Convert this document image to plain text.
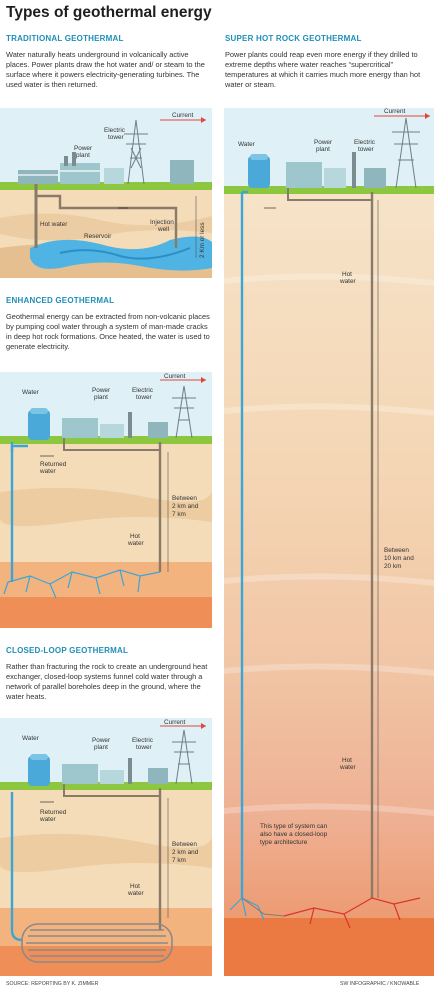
Types of geothermal energy
TRADITIONAL GEOTHERMAL
Water naturally heats underground in volcanically active places. Power plants draw the hot water and/ or steam to the surface where it powers electricity-generating turbines. The used water is then returned.
Current
Electric tower
Power plant
Hot water
Reservoir
Injection well	2 Km or less
ENHANCED GEOTHERMAL
Geothermal energy can be extracted from non-volcanic places by pumping cool water through a system of man-made cracks in deep hot rock formations. Once heated, the water is used to generate electricity.
Current
Water	Power plant
Electric tower
Returned water
Hot water
Between 2 km and 7 km
CLOSED-LOOP GEOTHERMAL
Rather than fracturing the rock to create an underground heat exchanger, closed-loop systems funnel cold water through a network of parallel boreholes deep in the ground, where the water heats.
Current
Water	Power plant
Electric tower
Returned water
Hot water
Between 2 km and 7 km
SUPER HOT ROCK GEOTHERMAL
Power plants could reap even more energy if they drilled to extreme depths where water reaches “supercritical” temperatures at which it carries much more energy than hot water or steam.
Current
Water	Power plant
Electric tower
Hot water
Between 10 km and 20 km
Hot water
This type of system can also have a closed-loop type architecture
SOURCE: REPORTING BY K. ZIMMER	SW INFOGRAPHIC / KNOWABLE
